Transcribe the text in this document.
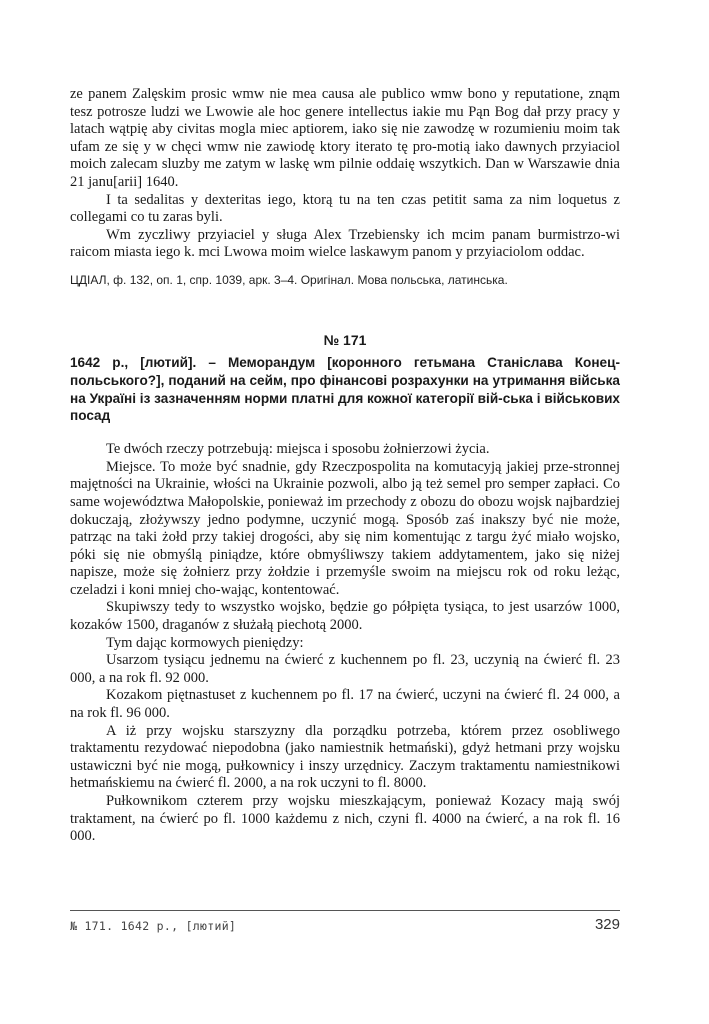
ze panem Zalęskim prosic wmw nie mea causa ale publico wmw bono y reputatione, znąm tesz potrosze ludzi we Lwowie ale hoc genere intellectus iakie mu Pąn Bog dał przy pracy y latach wątpię aby civitas mogla miec aptiorem, iako się nie zawodzę w rozumieniu moim tak ufam ze się y w chęci wmw nie zawiodę ktory iterato tę pro-motią iako dawnych przyiaciol moich zalecam sluzby me zatym w laskę wm pilnie oddaię wszytkich. Dan w Warszawie dnia 21 janu[arii] 1640.

I ta sedalitas y dexteritas iego, ktorą tu na ten czas petitit sama za nim loquetus z collegami co tu zaras byli.

Wm zyczliwy przyiaciel y sługa Alex Trzebiensky ich mcim panam burmistrzo-wi raicom miasta iego k. mci Lwowa moim wielce laskawym panom y przyiaciolom oddac.

ЦДІАЛ, ф. 132, оп. 1, спр. 1039, арк. 3–4. Оригінал. Мова польська, латинська.

№ 171
1642 р., [лютий]. – Меморандум [коронного гетьмана Станіслава Конец-польського?], поданий на сейм, про фінансові розрахунки на утримання війська на Україні із зазначенням норми платні для кожної категорії вій-ська і військових посад

Te dwóch rzeczy potrzebują: miejsca i sposobu żołnierzowi życia.

Miejsce. To może być snadnie, gdy Rzeczpospolita na komutacyją jakiej prze-stronnej majętności na Ukrainie, włości na Ukrainie pozwoli, albo ją też semel pro semper zapłaci. Co same województwa Małopolskie, ponieważ im przechody z obozu do obozu wojsk najbardziej dokuczają, złożywszy jedno podymne, uczynić mogą. Sposób zaś inakszy być nie może, patrząc na taki żołd przy takiej drogości, aby się nim komentując z targu żyć miało wojsko, póki się nie obmyślą piniądze, które obmyśliwszy takiem addytamentem, jako się niżej napisze, może się żołnierz przy żołdzie i przemyśle swoim na miejscu rok od roku leżąc, czeladzi i koni mniej cho-wając, kontentować.

Skupiwszy tedy to wszystko wojsko, będzie go półpięta tysiąca, to jest usarzów 1000, kozaków 1500, draganów z służałą piechotą 2000.

Tym dając kormowych pieniędzy:

Usarzom tysiącu jednemu na ćwierć z kuchennem po fl. 23, uczynią na ćwierć fl. 23 000, a na rok fl. 92 000.

Kozakom piętnastuset z kuchennem po fl. 17 na ćwierć, uczyni na ćwierć fl. 24 000, a na rok fl. 96 000.

A iż przy wojsku starszyzny dla porządku potrzeba, którem przez osobliwego traktamentu rezydować niepodobna (jako namiestnik hetmański), gdyż hetmani przy wojsku ustawiczni być nie mogą, pułkownicy i inszy urzędnicy. Zaczym traktamentu namiestnikowi hetmańskiemu na ćwierć fl. 2000, a na rok uczyni to fl. 8000.

Pułkownikom czterem przy wojsku mieszkającym, ponieważ Kozacy mają swój traktament, na ćwierć po fl. 1000 każdemu z nich, czyni fl. 4000 na ćwierć, a na rok fl. 16 000.

№ 171. 1642 р., [лютий]	329
